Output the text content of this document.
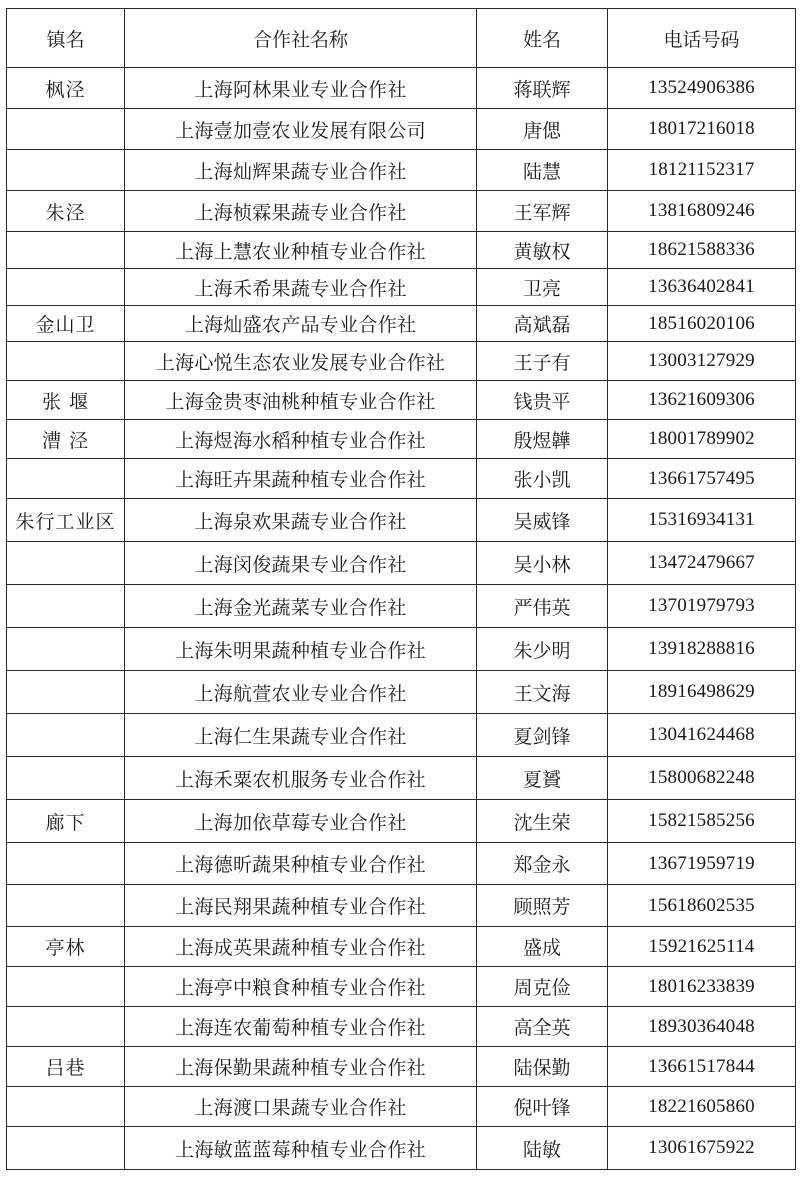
镇名	合作社名称	姓名	电话号码
枫泾	上海阿林果业专业合作社	蒋联辉	13524906386
	上海壹加壹农业发展有限公司	唐偲	18017216018
	上海灿辉果蔬专业合作社	陆慧	18121152317
朱泾	上海桢霖果蔬专业合作社	王军辉	13816809246
	上海上慧农业种植专业合作社	黄敏权	18621588336
	上海禾希果蔬专业合作社	卫亮	13636402841
金山卫	上海灿盛农产品专业合作社	高斌磊	18516020106
	上海心悦生态农业发展专业合作社	王子有	13003127929
张 堰	上海金贵枣油桃种植专业合作社	钱贵平	13621609306
漕 泾	上海煜海水稻种植专业合作社	殷煜韡	18001789902
	上海旺卉果蔬种植专业合作社	张小凯	13661757495
朱行工业区	上海泉欢果蔬专业合作社	吴威锋	15316934131
	上海闵俊蔬果专业合作社	吴小林	13472479667
	上海金光蔬菜专业合作社	严伟英	13701979793
	上海朱明果蔬种植专业合作社	朱少明	13918288816
	上海航萱农业专业合作社	王文海	18916498629
	上海仁生果蔬专业合作社	夏剑锋	13041624468
	上海禾粟农机服务专业合作社	夏贇	15800682248
廊下	上海加依草莓专业合作社	沈生荣	15821585256
	上海德昕蔬果种植专业合作社	郑金永	13671959719
	上海民翔果蔬种植专业合作社	顾照芳	15618602535
亭林	上海成英果蔬种植专业合作社	盛成	15921625114
	上海亭中粮食种植专业合作社	周克俭	18016233839
	上海连农葡萄种植专业合作社	高全英	18930364048
吕巷	上海保勤果蔬种植专业合作社	陆保勤	13661517844
	上海渡口果蔬专业合作社	倪叶锋	18221605860
	上海敏蓝蓝莓种植专业合作社	陆敏	13061675922
